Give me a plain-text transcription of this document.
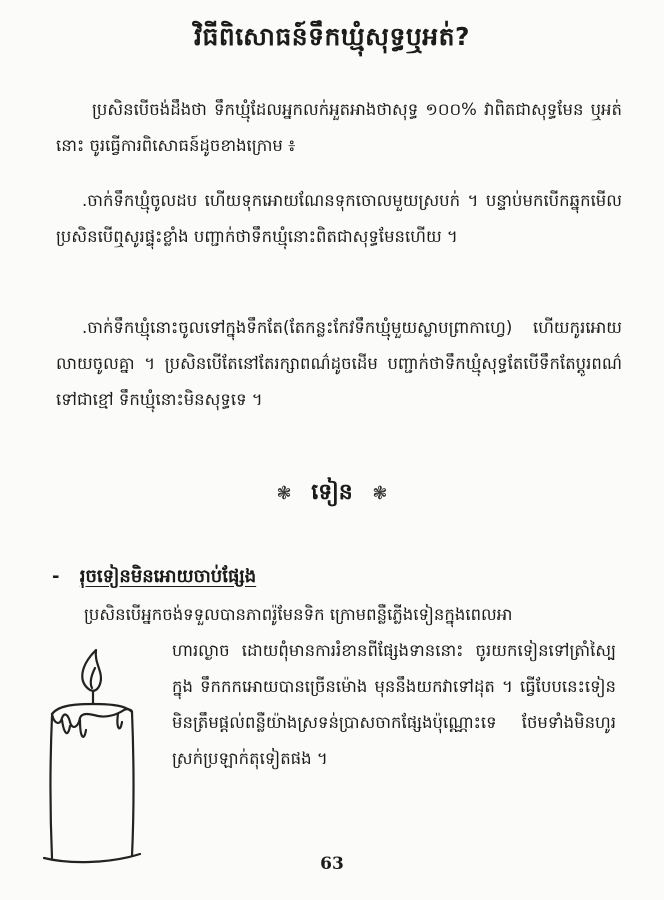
វិធីពិសោធន៍ទឹកឃ្មុំសុទ្ធឬអត់?
ប្រសិនបើចង់ដឹងថា ទឹកឃ្មុំដែលអ្នកលក់អួតអាងថាសុទ្ធ ១០០% វាពិតជាសុទ្ធមែន ឬអត់នោះ ចូរធ្វើការពិសោធន៍ដូចខាងក្រោម ៖
.ចាក់ទឹកឃ្មុំចូលដប ហើយទុកអោយណែនទុកចោលមួយស្របក់ ។ បន្ទាប់មកបើកឆ្នុកមើលប្រសិនបើឮសូរផ្ទុះខ្លាំង បញ្ជាក់ថាទឹកឃ្មុំនោះពិតជាសុទ្ធមែនហើយ ។
.ចាក់ទឹកឃ្មុំនោះចូលទៅក្នុងទឹកតែ(តែកន្លះកែវទឹកឃ្មុំមួយស្លាបព្រាកាហ្វេ) ហើយកូរអោយលាយចូលគ្នា ។ ប្រសិនបើតែនៅតែរក្សាពណ៌ដូចដើម បញ្ជាក់ថាទឹកឃ្មុំសុទ្ធតែបើទឹកតែប្តូរពណ៌ទៅជាខ្មៅ ទឹកឃ្មុំនោះមិនសុទ្ធទេ ។
❃ ទៀន ❃
- រុចទៀនមិនអោយចាប់ផ្សែង
ប្រសិនបើអ្នកចង់ទទួលបានភាពរ៉ូមែនទិក ក្រោមពន្លឺភ្លើងទៀនក្នុងពេលអា
ហារល្ងាច ដោយពុំមានការរំខានពីផ្សែងទាននោះ ចូរយកទៀនទៅត្រាំស្បៃក្នុង ទឹកកកអោយបានច្រើនម៉ោង មុននឹងយកវាទៅដុត ។ ធ្វើបែបនេះទៀនមិនត្រឹមផ្តល់ពន្លឺយ៉ាងស្រទន់ប្រាសចាកផ្សែងប៉ុណ្ណោះទេ ថែមទាំងមិនហូរស្រក់ប្រឡាក់តុទៀតផង ។
63
